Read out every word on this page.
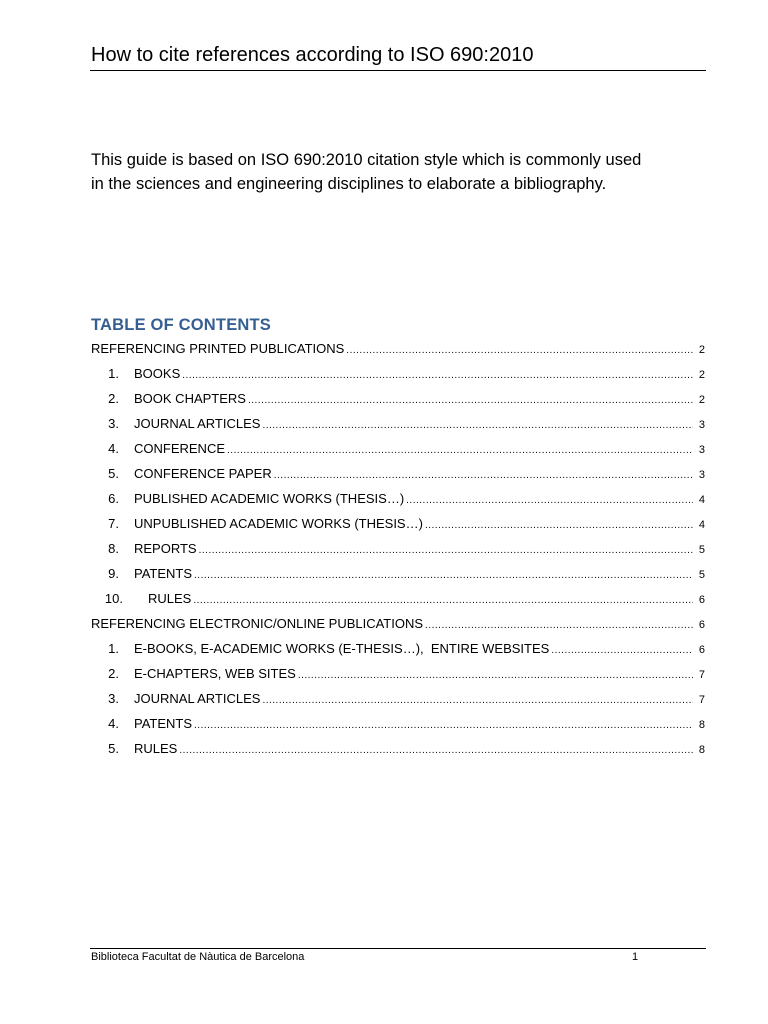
How to cite references according to ISO 690:2010

This guide is based on ISO 690:2010 citation style which is commonly used

in the sciences and engineering disciplines to elaborate a bibliography.

TABLE OF CONTENTS
REFERENCING PRINTED PUBLICATIONS .....	2
1. BOOKS .....	2
2. BOOK CHAPTERS .....	2
3. JOURNAL ARTICLES .....	3
4. CONFERENCE .....	3
5. CONFERENCE PAPER .....	3
6. PUBLISHED ACADEMIC WORKS (THESIS…) .....	4
7. UNPUBLISHED ACADEMIC WORKS (THESIS…) .....	4
8. REPORTS .....	5
9. PATENTS .....	5
10. RULES .....	6
REFERENCING ELECTRONIC/ONLINE PUBLICATIONS .....	6
1. E-BOOKS, E-ACADEMIC WORKS (E-THESIS…),  ENTIRE WEBSITES .....	6
2. E-CHAPTERS, WEB SITES .....	7
3. JOURNAL ARTICLES .....	7
4. PATENTS .....	8
5. RULES .....	8
Biblioteca Facultat de Nàutica de Barcelona	1
